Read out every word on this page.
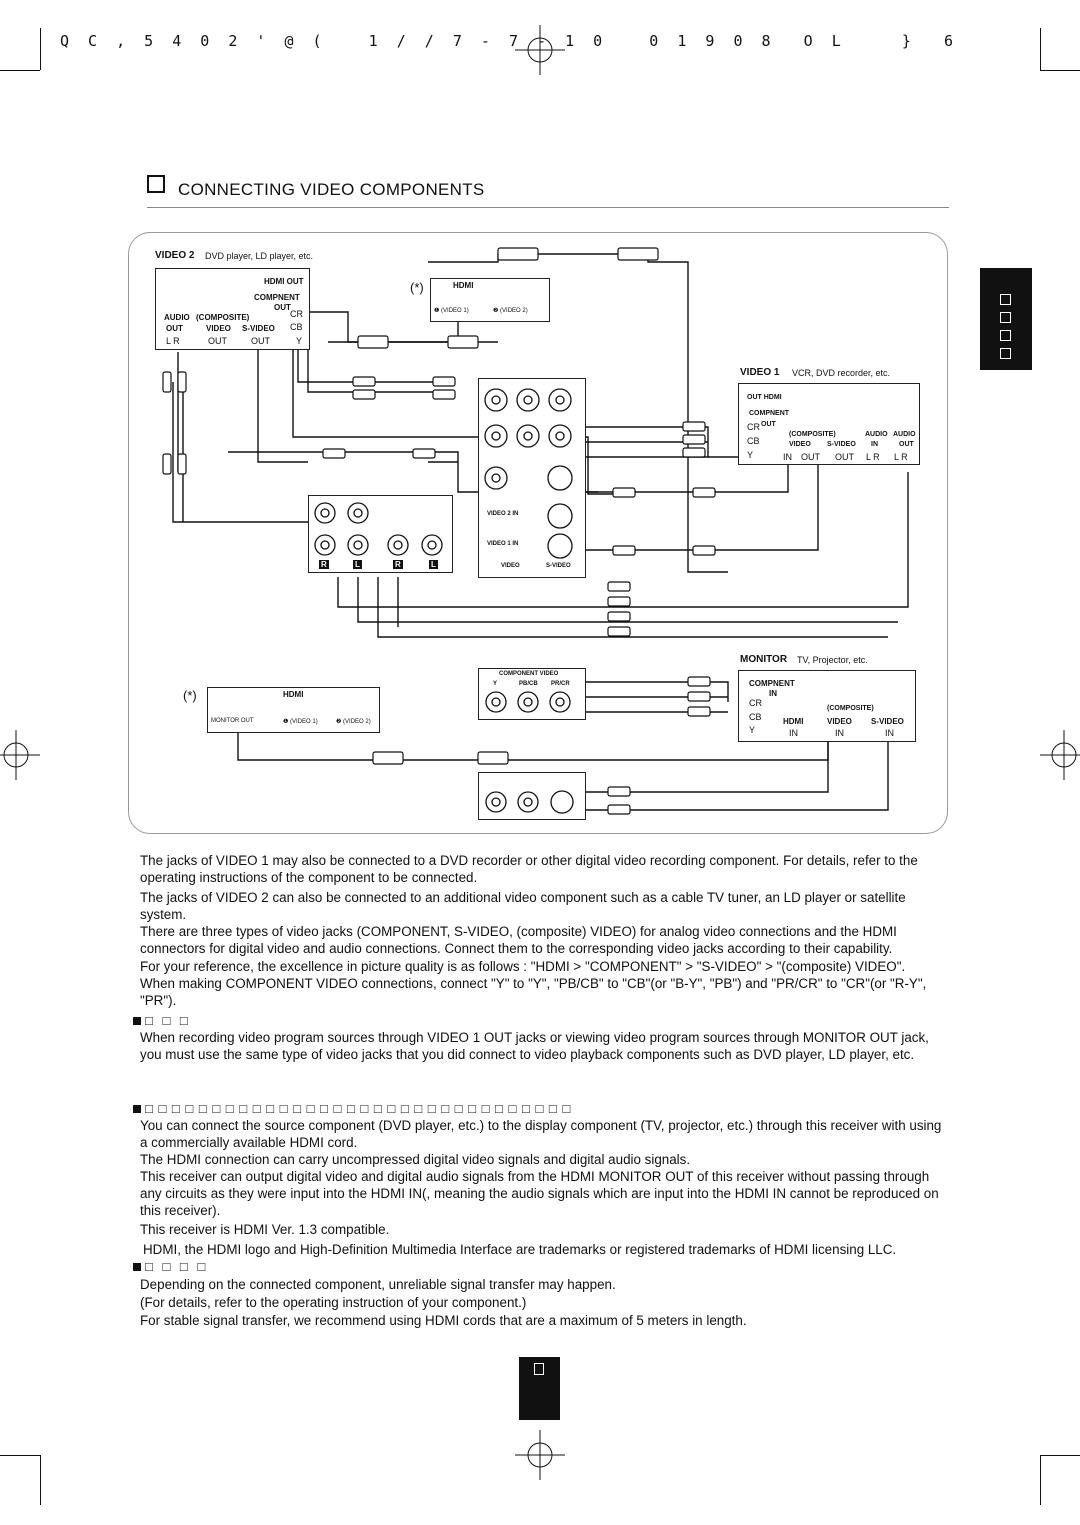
Q C , 5 4 0 2 ' @ (   1 / / 7 - 7 - 1 0   0 1 9 0 8  O L    }  6
CONNECTING VIDEO COMPONENTS
VIDEO 2 DVD player, LD player, etc.
HDMI OUT
COMPNENT
OUT
AUDIO (COMPOSITE)
OUT	VIDEO S-VIDEO
CR
CB
L R	OUT	OUT	Y
(*)	HDMI
❶ (VIDEO 1)	❷ (VIDEO 2)
VIDEO 2 IN
VIDEO 1 IN
VIDEO	S-VIDEO
R	L	R	L
VIDEO 1 VCR, DVD recorder, etc.
OUT HDMI
COMPNENT
CR OUT
(COMPOSITE)	AUDIO AUDIO
CB	VIDEO S-VIDEO IN	OUT
Y	IN OUT OUT L R L R
MONITOR TV, Projector, etc.
COMPNENT
IN
CR
(COMPOSITE)
CB	HDMI	VIDEO S-VIDEO
Y	IN	IN	IN
(*)	HDMI
MONITOR OUT	❶ (VIDEO 1)	❷ (VIDEO 2)
COMPONENT VIDEO
Y	PB/CB PR/CR
The jacks of VIDEO 1 may also be connected to a DVD recorder or other digital video recording component. For details, refer to the operating instructions of the component to be connected.
The jacks of VIDEO 2 can also be connected to an additional video component such as a cable TV tuner, an LD player or satellite system.
There are three types of video jacks (COMPONENT, S-VIDEO, (composite) VIDEO) for analog video connections and the HDMI connectors for digital video and audio connections. Connect them to the corresponding video jacks according to their capability.
For your reference, the excellence in picture quality is as follows : "HDMI > "COMPONENT" > "S-VIDEO" > "(composite) VIDEO".
When making COMPONENT VIDEO connections, connect "Y" to "Y", "PB/CB" to "CB"(or "B-Y", "PB") and "PR/CR" to "CR"(or "R-Y", "PR").
□ □ □
When recording video program sources through VIDEO 1 OUT jacks or viewing video program sources through MONITOR OUT jack, you must use the same type of video jacks that you did connect to video playback components such as DVD player, LD player, etc.
□ □ □ □ □ □ □ □ □ □ □ □ □ □ □ □ □ □ □ □ □ □ □ □ □ □ □ □ □ □ □ □
You can connect the source component (DVD player, etc.) to the display component (TV, projector, etc.) through this receiver with using a commercially available HDMI cord.
The HDMI connection can carry uncompressed digital video signals and digital audio signals.
This receiver can output digital video and digital audio signals from the HDMI MONITOR OUT of this receiver without passing through any circuits as they were input into the HDMI IN(, meaning the audio signals which are input into the HDMI IN cannot be reproduced on this receiver).
This receiver is HDMI Ver. 1.3 compatible.
HDMI, the HDMI logo and High-Definition Multimedia Interface are trademarks or registered trademarks of HDMI licensing LLC.
□ □ □ □
Depending on the connected component, unreliable signal transfer may happen.
(For details, refer to the operating instruction of your component.)
For stable signal transfer, we recommend using HDMI cords that are a maximum of 5 meters in length.
